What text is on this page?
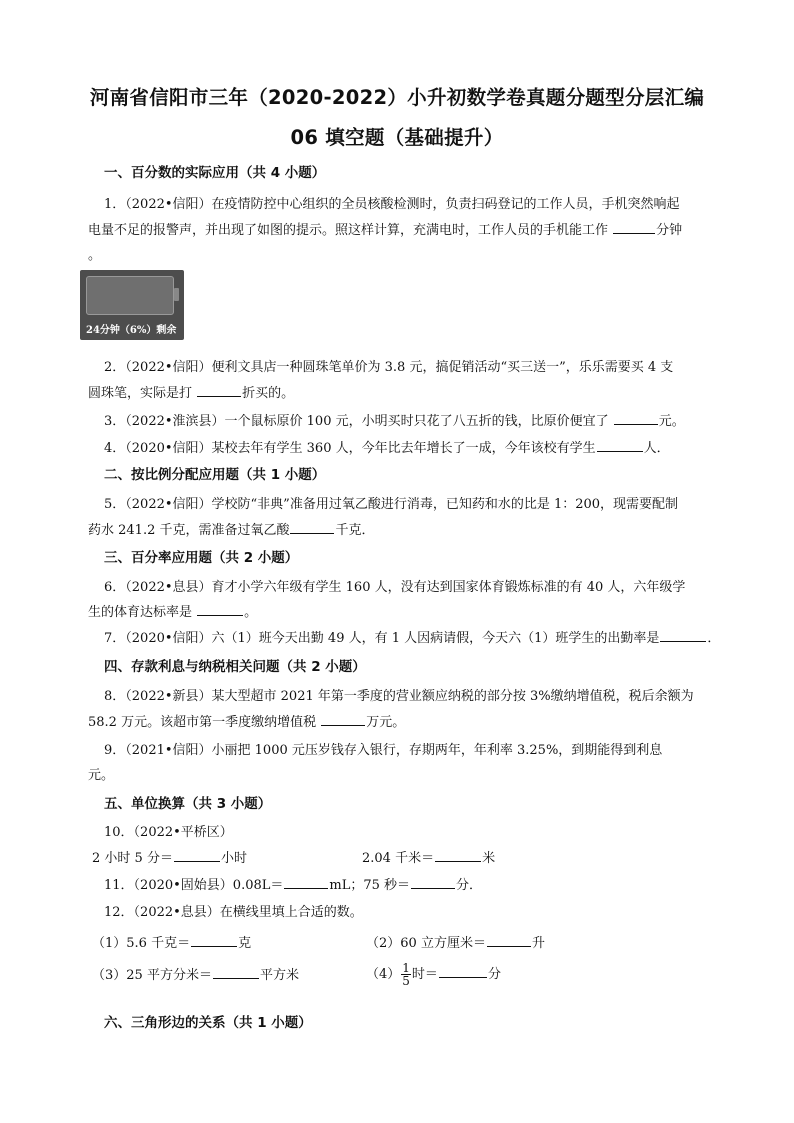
河南省信阳市三年（2020-2022）小升初数学卷真题分题型分层汇编
06 填空题（基础提升）
一、百分数的实际应用（共 4 小题）
1．（2022•信阳）在疫情防控中心组织的全员核酸检测时，负责扫码登记的工作人员，手机突然响起
电量不足的报警声，并出现了如图的提示。照这样计算，充满电时，工作人员的手机能工作	分钟
。
24分钟（6%）剩余
2．（2022•信阳）便利文具店一种圆珠笔单价为 3.8 元，搞促销活动“买三送一”，乐乐需要买 4 支
圆珠笔，实际是打	折买的。
3．（2022•淮滨县）一个鼠标原价 100 元，小明买时只花了八五折的钱，比原价便宜了	元。
4．（2020•信阳）某校去年有学生 360 人，今年比去年增长了一成，今年该校有学生	人．
二、按比例分配应用题（共 1 小题）
5．（2022•信阳）学校防“非典”准备用过氧乙酸进行消毒，已知药和水的比是 1：200，现需要配制
药水 241.2 千克，需准备过氧乙酸	千克．
三、百分率应用题（共 2 小题）
6．（2022•息县）育才小学六年级有学生 160 人，没有达到国家体育锻炼标准的有 40 人，六年级学
生的体育达标率是	。
7．（2020•信阳）六（1）班今天出勤 49 人，有 1 人因病请假，今天六（1）班学生的出勤率是	．
四、存款利息与纳税相关问题（共 2 小题）
8．（2022•新县）某大型超市 2021 年第一季度的营业额应纳税的部分按 3%缴纳增值税，税后余额为
58.2 万元。该超市第一季度缴纳增值税	万元。
9．（2021•信阳）小丽把 1000 元压岁钱存入银行，存期两年，年利率 3.25%，到期能得到利息
元。
五、单位换算（共 3 小题）
10．（2022•平桥区）
2 小时 5 分＝	小时	2.04 千米＝	米
11．（2020•固始县）0.08L＝	mL；75 秒＝	分．
12．（2022•息县）在横线里填上合适的数。
（1）5.6 千克＝	克	（2）60 立方厘米＝	升
（3）25 平方分米＝	平方米	$(4) \frac{1}{5}$ 时＝	分
六、三角形边的关系（共 1 小题）
